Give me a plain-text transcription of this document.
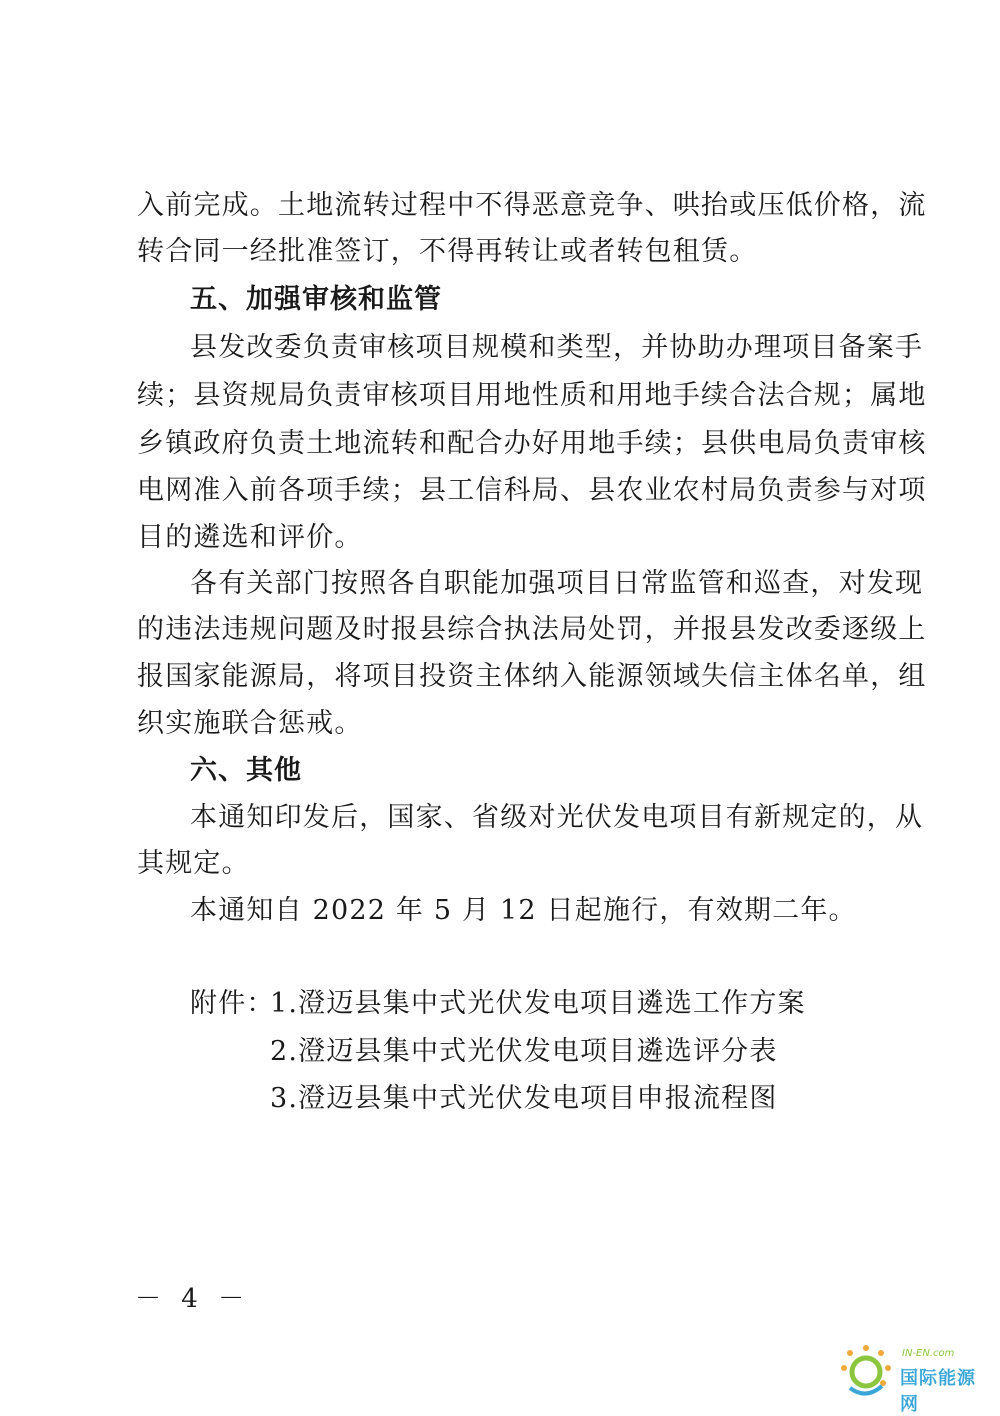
入前完成。土地流转过程中不得恶意竞争、哄抬或压低价格，流
转合同一经批准签订，不得再转让或者转包租赁。
五、加强审核和监管
县发改委负责审核项目规模和类型，并协助办理项目备案手
续；县资规局负责审核项目用地性质和用地手续合法合规；属地
乡镇政府负责土地流转和配合办好用地手续；县供电局负责审核
电网准入前各项手续；县工信科局、县农业农村局负责参与对项
目的遴选和评价。
各有关部门按照各自职能加强项目日常监管和巡查，对发现
的违法违规问题及时报县综合执法局处罚，并报县发改委逐级上
报国家能源局，将项目投资主体纳入能源领域失信主体名单，组
织实施联合惩戒。
六、其他
本通知印发后，国家、省级对光伏发电项目有新规定的，从
其规定。
本通知自 2022 年 5 月 12 日起施行，有效期二年。
附件：
1.澄迈县集中式光伏发电项目遴选工作方案
2.澄迈县集中式光伏发电项目遴选评分表
3.澄迈县集中式光伏发电项目申报流程图
－ 4 －
IN-EN.com
国际能源网
